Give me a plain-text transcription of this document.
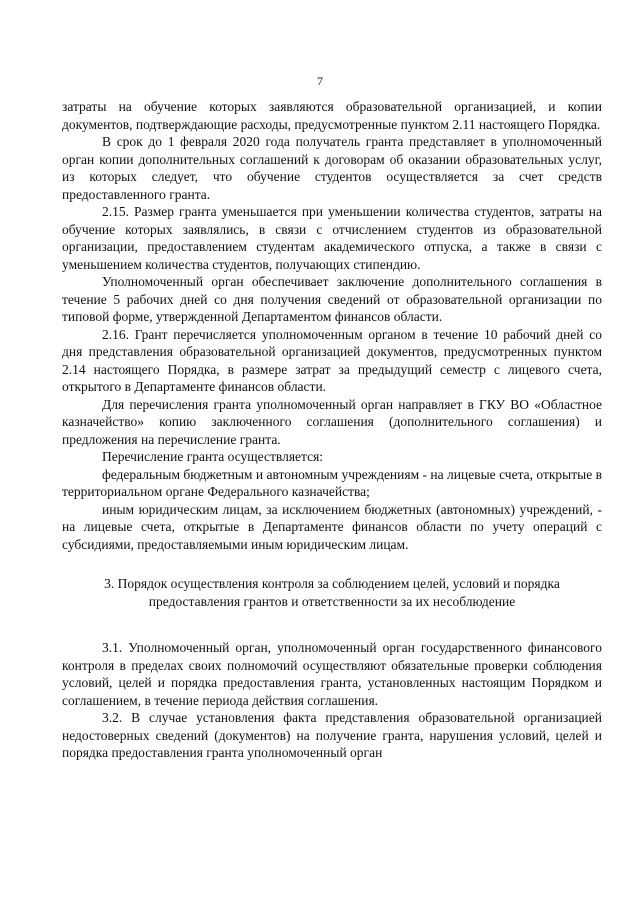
7

затраты на обучение которых заявляются образовательной организацией, и копии документов, подтверждающие расходы, предусмотренные пунктом 2.11 настоящего Порядка.

В срок до 1 февраля 2020 года получатель гранта представляет в уполномоченный орган копии дополнительных соглашений к договорам об оказании образовательных услуг, из которых следует, что обучение студентов осуществляется за счет средств предоставленного гранта.

2.15. Размер гранта уменьшается при уменьшении количества студентов, затраты на обучение которых заявлялись, в связи с отчислением студентов из образовательной организации, предоставлением студентам академического отпуска, а также в связи с уменьшением количества студентов, получающих стипендию.

Уполномоченный орган обеспечивает заключение дополнительного соглашения в течение 5 рабочих дней со дня получения сведений от образовательной организации по типовой форме, утвержденной Департаментом финансов области.

2.16. Грант перечисляется уполномоченным органом в течение 10 рабочий дней со дня представления образовательной организацией документов, предусмотренных пунктом 2.14 настоящего Порядка, в размере затрат за предыдущий семестр с лицевого счета, открытого в Департаменте финансов области.

Для перечисления гранта уполномоченный орган направляет в ГКУ ВО «Областное казначейство» копию заключенного соглашения (дополнительного соглашения) и предложения на перечисление гранта.

Перечисление гранта осуществляется:

федеральным бюджетным и автономным учреждениям - на лицевые счета, открытые в территориальном органе Федерального казначейства;

иным юридическим лицам, за исключением бюджетных (автономных) учреждений, - на лицевые счета, открытые в Департаменте финансов области по учету операций с субсидиями, предоставляемыми иным юридическим лицам.

3. Порядок осуществления контроля за соблюдением целей, условий и порядка
предоставления грантов и ответственности за их несоблюдение

3.1. Уполномоченный орган, уполномоченный орган государственного финансового контроля в пределах своих полномочий осуществляют обязательные проверки соблюдения условий, целей и порядка предоставления гранта, установленных настоящим Порядком и соглашением, в течение периода действия соглашения.

3.2. В случае установления факта представления образовательной организацией недостоверных сведений (документов) на получение гранта, нарушения условий, целей и порядка предоставления гранта уполномоченный орган
